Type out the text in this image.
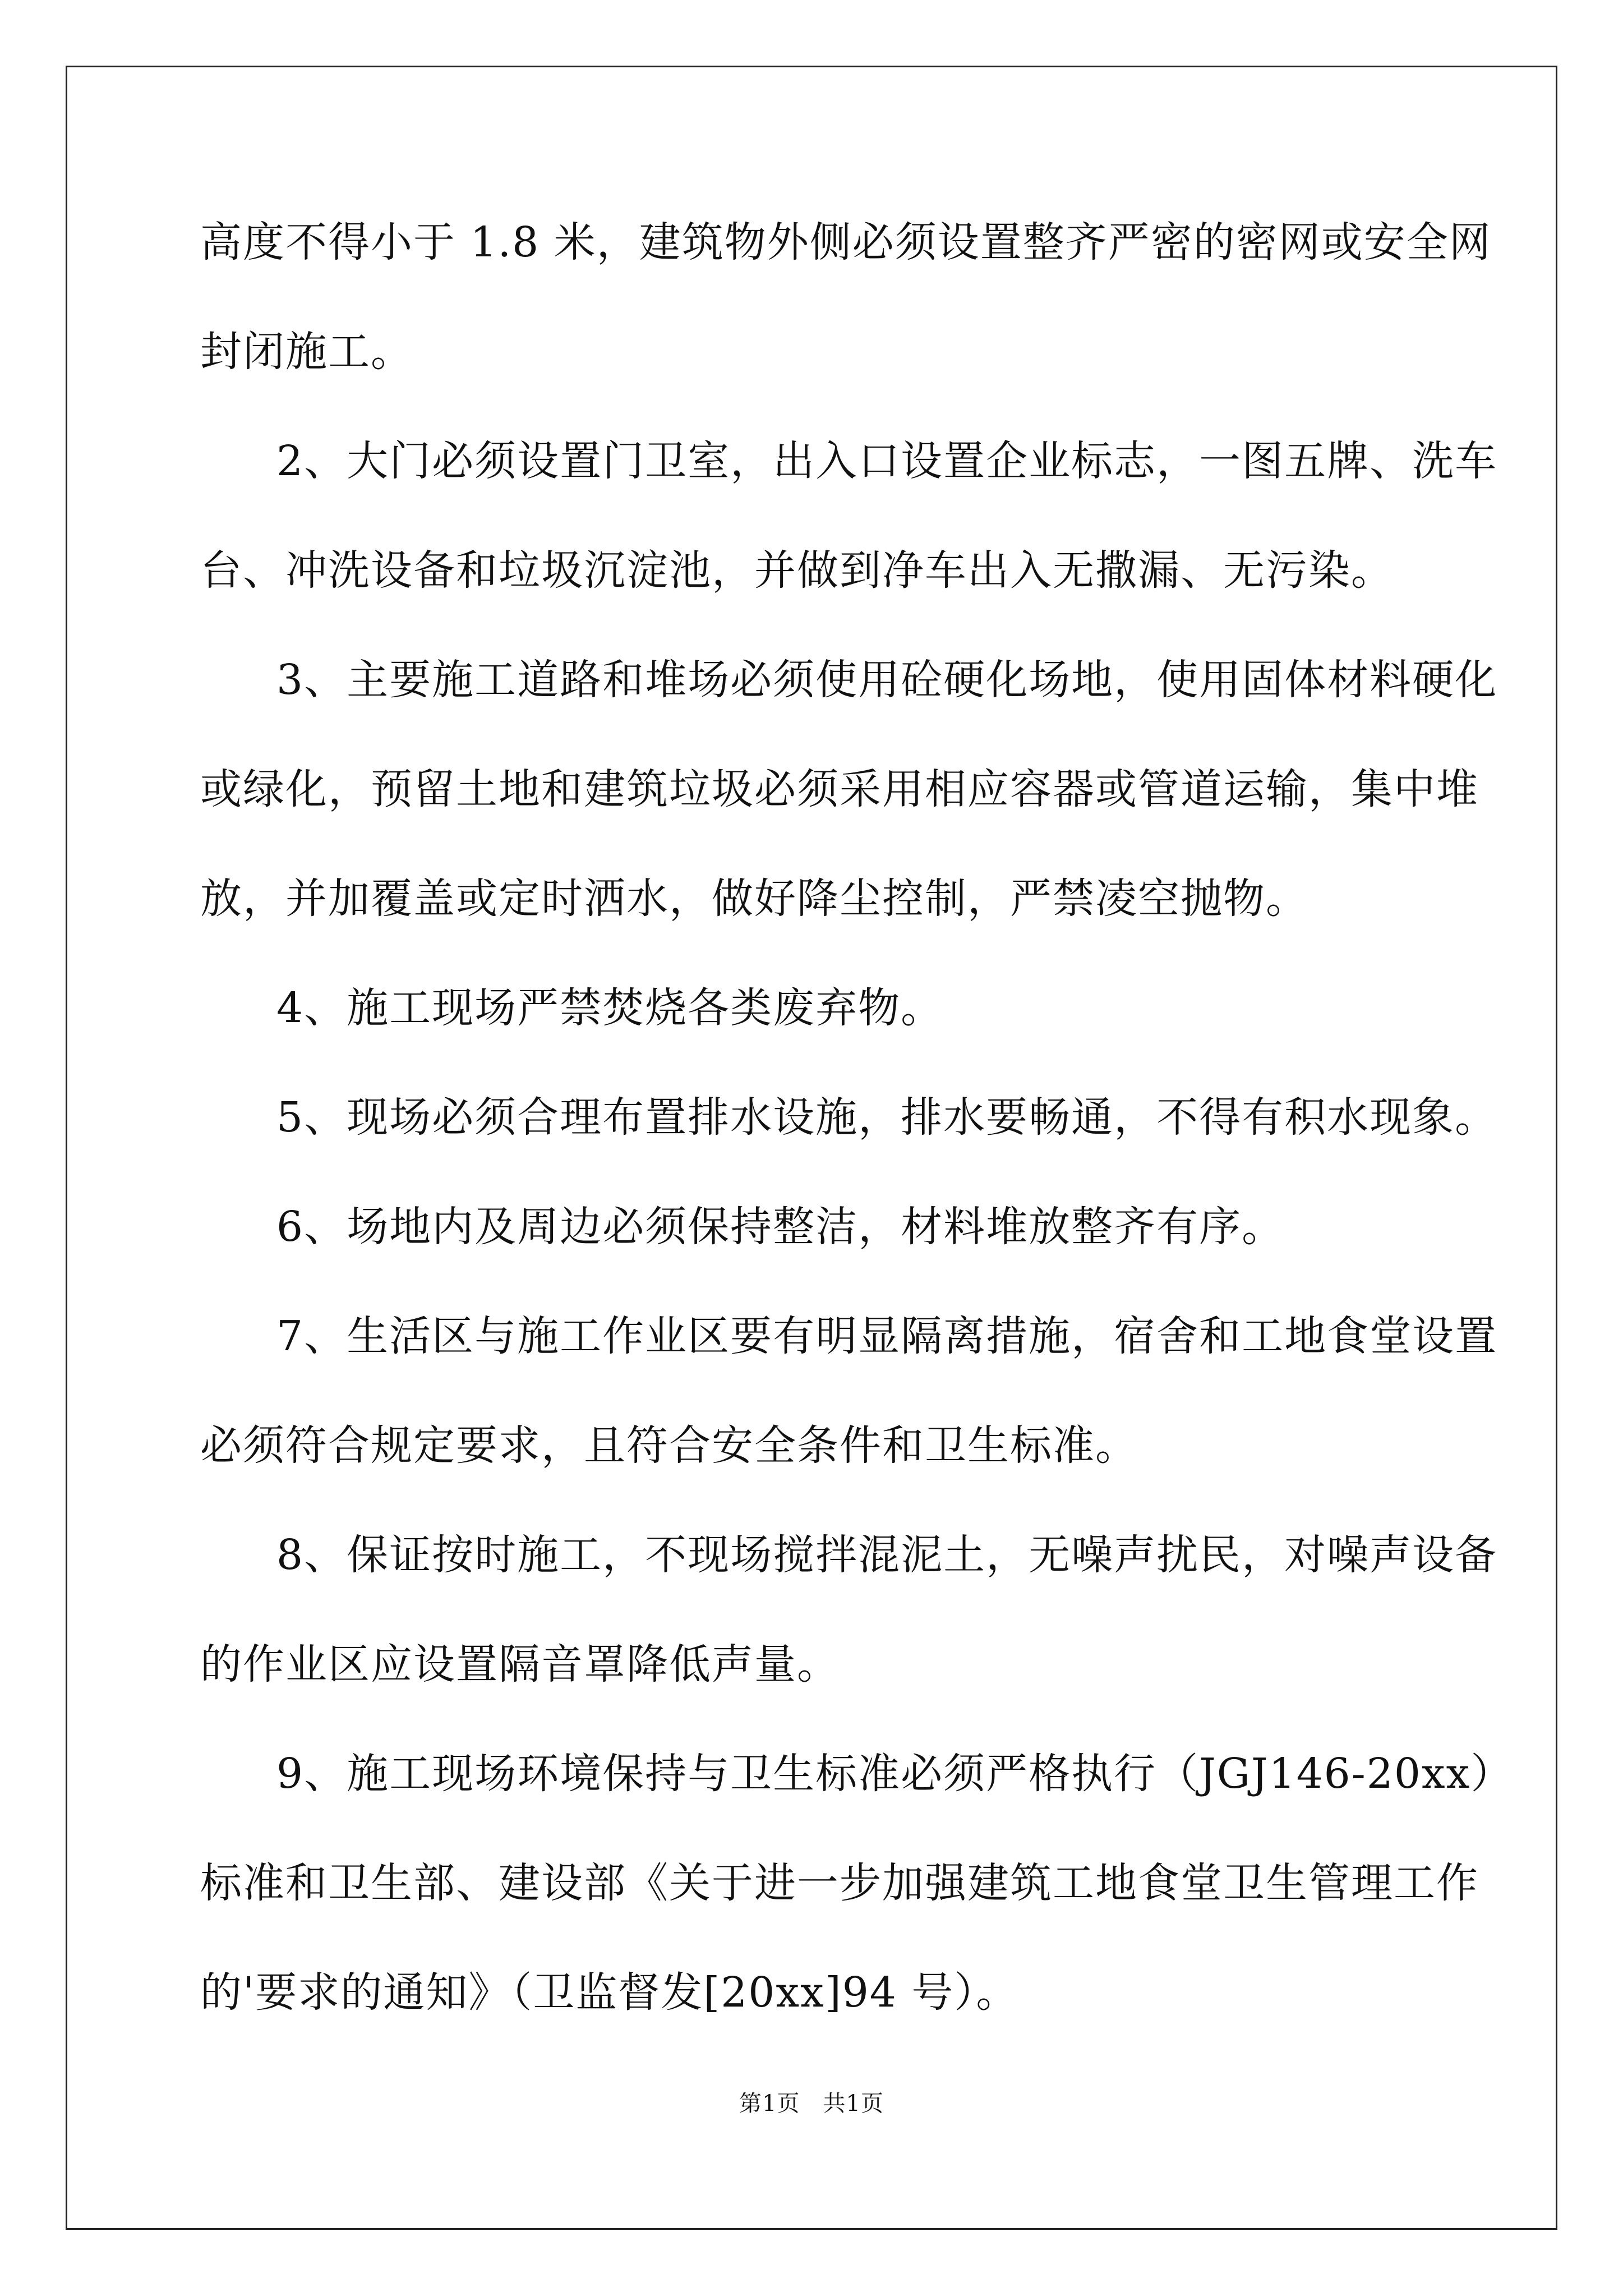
高度不得小于 1.8 米，建筑物外侧必须设置整齐严密的密网或安全网
封闭施工。
2、大门必须设置门卫室，出入口设置企业标志，一图五牌、洗车
台、冲洗设备和垃圾沉淀池，并做到净车出入无撒漏、无污染。
3、主要施工道路和堆场必须使用砼硬化场地，使用固体材料硬化
或绿化，预留土地和建筑垃圾必须采用相应容器或管道运输，集中堆
放，并加覆盖或定时洒水，做好降尘控制，严禁凌空抛物。
4、施工现场严禁焚烧各类废弃物。
5、现场必须合理布置排水设施，排水要畅通，不得有积水现象。
6、场地内及周边必须保持整洁，材料堆放整齐有序。
7、生活区与施工作业区要有明显隔离措施，宿舍和工地食堂设置
必须符合规定要求，且符合安全条件和卫生标准。
8、保证按时施工，不现场搅拌混泥土，无噪声扰民，对噪声设备
的作业区应设置隔音罩降低声量。
9、施工现场环境保持与卫生标准必须严格执行（JGJ146-20xx）
标准和卫生部、建设部《关于进一步加强建筑工地食堂卫生管理工作
的'要求的通知》（卫监督发[20xx]94 号）。
第1页　共1页
